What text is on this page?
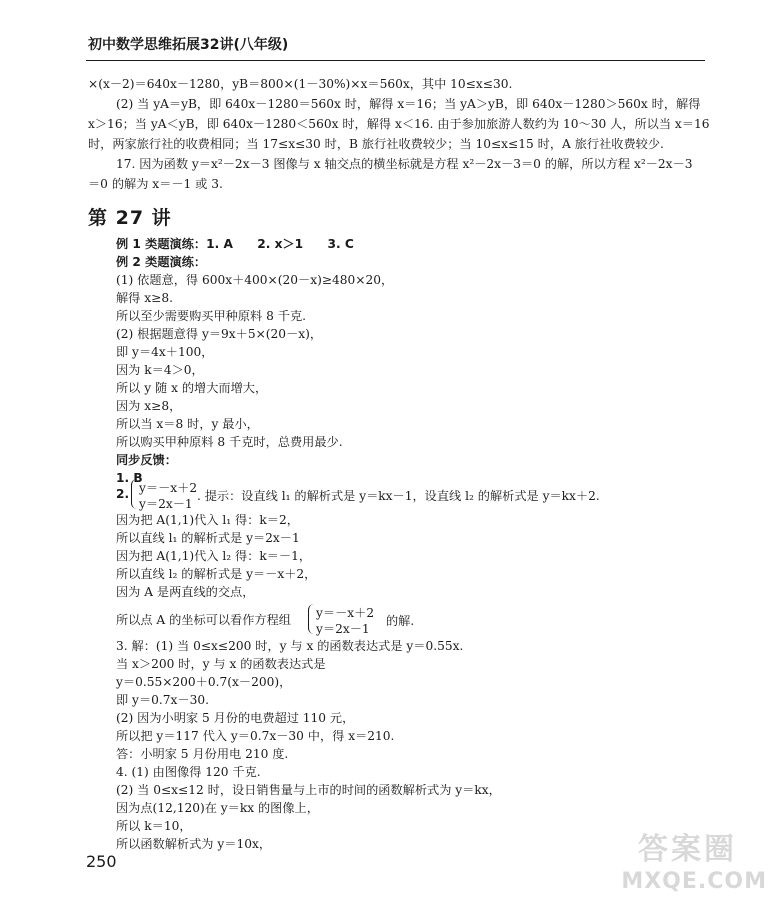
初中数学思维拓展32讲(八年级)
×(x－2)＝640x－1280，yB＝800×(1－30%)×x＝560x，其中 10≤x≤30.
(2) 当 yA＝yB，即 640x－1280＝560x 时，解得 x＝16；当 yA＞yB，即 640x－1280＞560x 时，解得
x＞16；当 yA＜yB，即 640x－1280＜560x 时，解得 x＜16. 由于参加旅游人数约为 10～30 人，所以当 x＝16
时，两家旅行社的收费相同；当 17≤x≤30 时，B 旅行社收费较少；当 10≤x≤15 时，A 旅行社收费较少.
17. 因为函数 y＝x²－2x－3 图像与 x 轴交点的横坐标就是方程 x²－2x－3＝0 的解，所以方程 x²－2x－3
＝0 的解为 x＝－1 或 3.
第 27 讲
例 1 类题演练：1. A　　2. x＞1　　3. C
例 2 类题演练：
(1) 依题意，得 600x＋400×(20－x)≥480×20，
解得 x≥8.
所以至少需要购买甲种原料 8 千克.
(2) 根据题意得 y＝9x＋5×(20－x)，
即 y＝4x＋100，
因为 k＝4＞0，
所以 y 随 x 的增大而增大，
因为 x≥8，
所以当 x＝8 时，y 最小，
所以购买甲种原料 8 千克时，总费用最少.
同步反馈：
1. B
2. y＝－x＋2
y＝2x－1
. 提示：设直线 l₁ 的解析式是 y＝kx－1，设直线 l₂ 的解析式是 y＝kx＋2.
因为把 A(1,1)代入 l₁ 得：k＝2，
所以直线 l₁ 的解析式是 y＝2x－1
因为把 A(1,1)代入 l₂ 得：k＝－1，
所以直线 l₂ 的解析式是 y＝－x＋2，
因为 A 是两直线的交点，
所以点 A 的坐标可以看作方程组 y＝－x＋2
y＝2x－1
的解.
3. 解：(1) 当 0≤x≤200 时，y 与 x 的函数表达式是 y＝0.55x.
当 x＞200 时，y 与 x 的函数表达式是
y＝0.55×200＋0.7(x－200)，
即 y＝0.7x－30.
(2) 因为小明家 5 月份的电费超过 110 元，
所以把 y＝117 代入 y＝0.7x－30 中，得 x＝210.
答：小明家 5 月份用电 210 度.
4. (1) 由图像得 120 千克.
(2) 当 0≤x≤12 时，设日销售量与上市的时间的函数解析式为 y＝kx，
因为点(12,120)在 y＝kx 的图像上，
所以 k＝10，
所以函数解析式为 y＝10x，
250	答案圈
MXQE.COM
